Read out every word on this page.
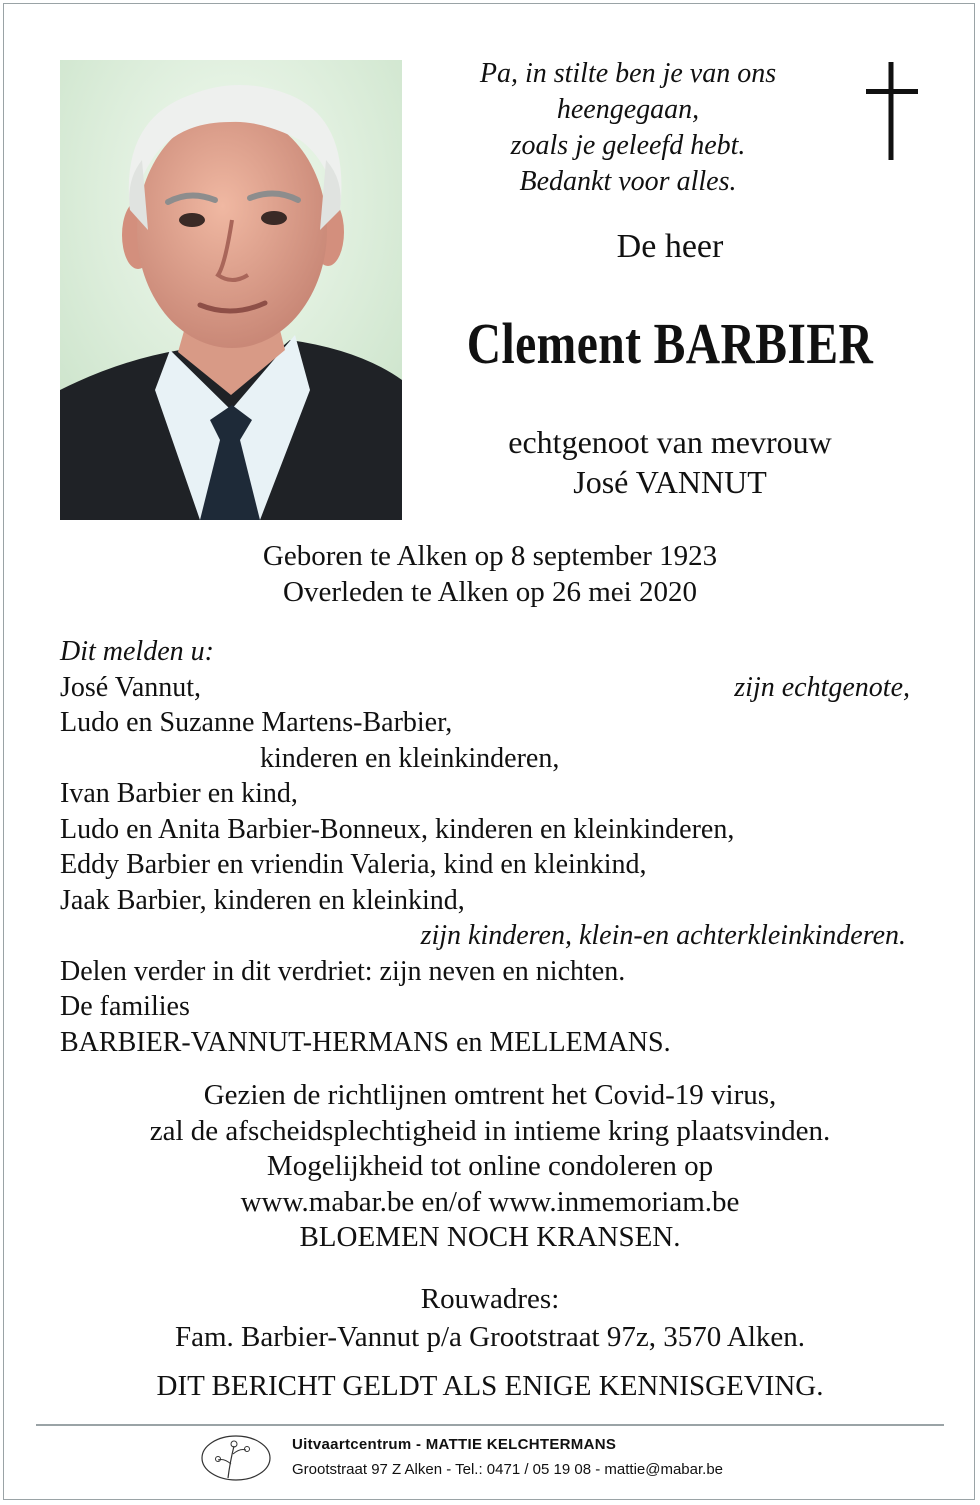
Pa, in stilte ben je van ons
heengegaan,
zoals je geleefd hebt.
Bedankt voor alles.
De heer
Clement BARBIER
echtgenoot van mevrouw
José VANNUT
Geboren te Alken op 8 september 1923
Overleden te Alken op 26 mei 2020
Dit melden u:
José Vannut,	zijn echtgenote,
Ludo en Suzanne Martens-Barbier,
kinderen en kleinkinderen,
Ivan Barbier en kind,
Ludo en Anita Barbier-Bonneux, kinderen en kleinkinderen,
Eddy Barbier en vriendin Valeria, kind en kleinkind,
Jaak Barbier, kinderen en kleinkind,
zijn kinderen, klein-en achterkleinkinderen.
Delen verder in dit verdriet: zijn neven en nichten.
De families
BARBIER-VANNUT-HERMANS en MELLEMANS.
Gezien de richtlijnen omtrent het Covid-19 virus,
zal de afscheidsplechtigheid in intieme kring plaatsvinden.
Mogelijkheid tot online condoleren op
www.mabar.be en/of www.inmemoriam.be
BLOEMEN NOCH KRANSEN.
Rouwadres:
Fam. Barbier-Vannut p/a Grootstraat 97z, 3570 Alken.
DIT BERICHT GELDT ALS ENIGE KENNISGEVING.
Uitvaartcentrum - MATTIE KELCHTERMANS
Grootstraat 97 Z Alken - Tel.: 0471 / 05 19 08 - mattie@mabar.be
